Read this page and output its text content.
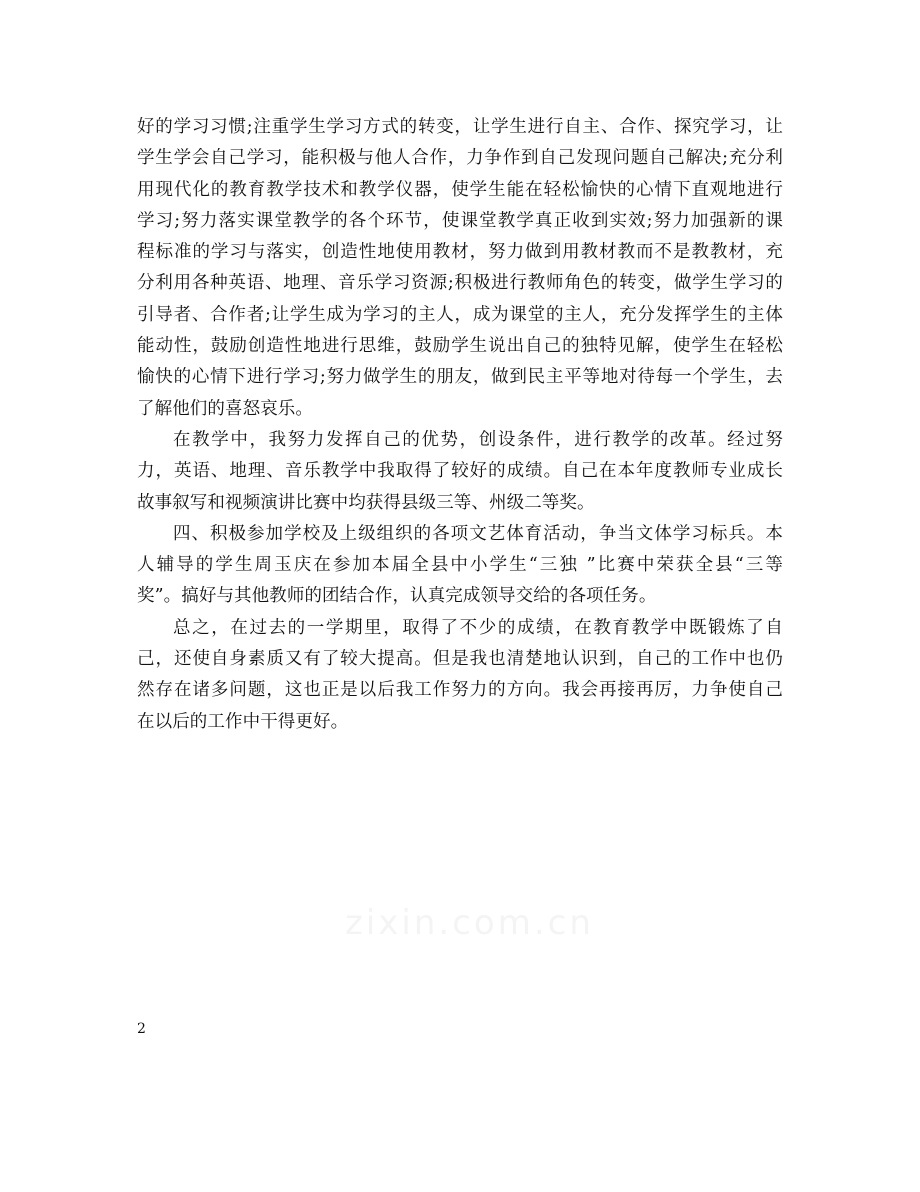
好的学习习惯;注重学生学习方式的转变，让学生进行自主、合作、探究学习，让
学生学会自己学习，能积极与他人合作，力争作到自己发现问题自己解决;充分利
用现代化的教育教学技术和教学仪器，使学生能在轻松愉快的心情下直观地进行
学习;努力落实课堂教学的各个环节，使课堂教学真正收到实效;努力加强新的课
程标准的学习与落实，创造性地使用教材，努力做到用教材教而不是教教材，充
分利用各种英语、地理、音乐学习资源;积极进行教师角色的转变，做学生学习的
引导者、合作者;让学生成为学习的主人，成为课堂的主人，充分发挥学生的主体
能动性，鼓励创造性地进行思维，鼓励学生说出自己的独特见解，使学生在轻松
愉快的心情下进行学习;努力做学生的朋友，做到民主平等地对待每一个学生，去
了解他们的喜怒哀乐。
在教学中，我努力发挥自己的优势，创设条件，进行教学的改革。经过努
力，英语、地理、音乐教学中我取得了较好的成绩。自己在本年度教师专业成长
故事叙写和视频演讲比赛中均获得县级三等、州级二等奖。
四、积极参加学校及上级组织的各项文艺体育活动，争当文体学习标兵。本
人辅导的学生周玉庆在参加本届全县中小学生“三独 ”比赛中荣获全县“三等
奖”。搞好与其他教师的团结合作，认真完成领导交给的各项任务。
总之，在过去的一学期里，取得了不少的成绩，在教育教学中既锻炼了自
己，还使自身素质又有了较大提高。但是我也清楚地认识到，自己的工作中也仍
然存在诸多问题，这也正是以后我工作努力的方向。我会再接再厉，力争使自己
在以后的工作中干得更好。
zixin.com.cn
2
